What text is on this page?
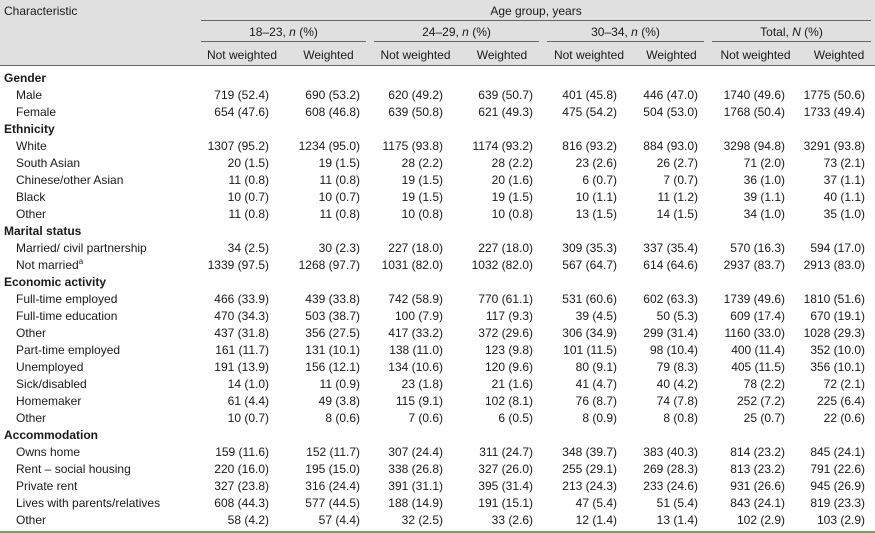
Characteristic	Age group, years							

	18–23, n (%)		24–29, n (%)		30–34, n (%)		Total, N (%)	

	Not weighted	Weighted	Not weighted	Weighted	Not weighted	Weighted	Not weighted	Weighted

Gender								
Male	719 (52.4)	690 (53.2)	620 (49.2)	639 (50.7)	401 (45.8)	446 (47.0)	1740 (49.6)	1775 (50.6)
Female	654 (47.6)	608 (46.8)	639 (50.8)	621 (49.3)	475 (54.2)	504 (53.0)	1768 (50.4)	1733 (49.4)
Ethnicity								
White	1307 (95.2)	1234 (95.0)	1175 (93.8)	1174 (93.2)	816 (93.2)	884 (93.0)	3298 (94.8)	3291 (93.8)
South Asian	20 (1.5)	19 (1.5)	28 (2.2)	28 (2.2)	23 (2.6)	26 (2.7)	71 (2.0)	73 (2.1)
Chinese/other Asian	11 (0.8)	11 (0.8)	19 (1.5)	20 (1.6)	6 (0.7)	7 (0.7)	36 (1.0)	37 (1.1)
Black	10 (0.7)	10 (0.7)	19 (1.5)	19 (1.5)	10 (1.1)	11 (1.2)	39 (1.1)	40 (1.1)
Other	11 (0.8)	11 (0.8)	10 (0.8)	10 (0.8)	13 (1.5)	14 (1.5)	34 (1.0)	35 (1.0)
Marital status								
Married/ civil partnership	34 (2.5)	30 (2.3)	227 (18.0)	227 (18.0)	309 (35.3)	337 (35.4)	570 (16.3)	594 (17.0)
Not married$^a$	1339 (97.5)	1268 (97.7)	1031 (82.0)	1032 (82.0)	567 (64.7)	614 (64.6)	2937 (83.7)	2913 (83.0)
Economic activity								
Full-time employed	466 (33.9)	439 (33.8)	742 (58.9)	770 (61.1)	531 (60.6)	602 (63.3)	1739 (49.6)	1810 (51.6)
Full-time education	470 (34.3)	503 (38.7)	100 (7.9)	117 (9.3)	39 (4.5)	50 (5.3)	609 (17.4)	670 (19.1)
Other	437 (31.8)	356 (27.5)	417 (33.2)	372 (29.6)	306 (34.9)	299 (31.4)	1160 (33.0)	1028 (29.3)
Part-time employed	161 (11.7)	131 (10.1)	138 (11.0)	123 (9.8)	101 (11.5)	98 (10.4)	400 (11.4)	352 (10.0)
Unemployed	191 (13.9)	156 (12.1)	134 (10.6)	120 (9.6)	80 (9.1)	79 (8.3)	405 (11.5)	356 (10.1)
Sick/disabled	14 (1.0)	11 (0.9)	23 (1.8)	21 (1.6)	41 (4.7)	40 (4.2)	78 (2.2)	72 (2.1)
Homemaker	61 (4.4)	49 (3.8)	115 (9.1)	102 (8.1)	76 (8.7)	74 (7.8)	252 (7.2)	225 (6.4)
Other	10 (0.7)	8 (0.6)	7 (0.6)	6 (0.5)	8 (0.9)	8 (0.8)	25 (0.7)	22 (0.6)
Accommodation								
Owns home	159 (11.6)	152 (11.7)	307 (24.4)	311 (24.7)	348 (39.7)	383 (40.3)	814 (23.2)	845 (24.1)
Rent – social housing	220 (16.0)	195 (15.0)	338 (26.8)	327 (26.0)	255 (29.1)	269 (28.3)	813 (23.2)	791 (22.6)
Private rent	327 (23.8)	316 (24.4)	391 (31.1)	395 (31.4)	213 (24.3)	233 (24.6)	931 (26.6)	945 (26.9)
Lives with parents/relatives	608 (44.3)	577 (44.5)	188 (14.9)	191 (15.1)	47 (5.4)	51 (5.4)	843 (24.1)	819 (23.3)
Other	58 (4.2)	57 (4.4)	32 (2.5)	33 (2.6)	12 (1.4)	13 (1.4)	102 (2.9)	103 (2.9)
